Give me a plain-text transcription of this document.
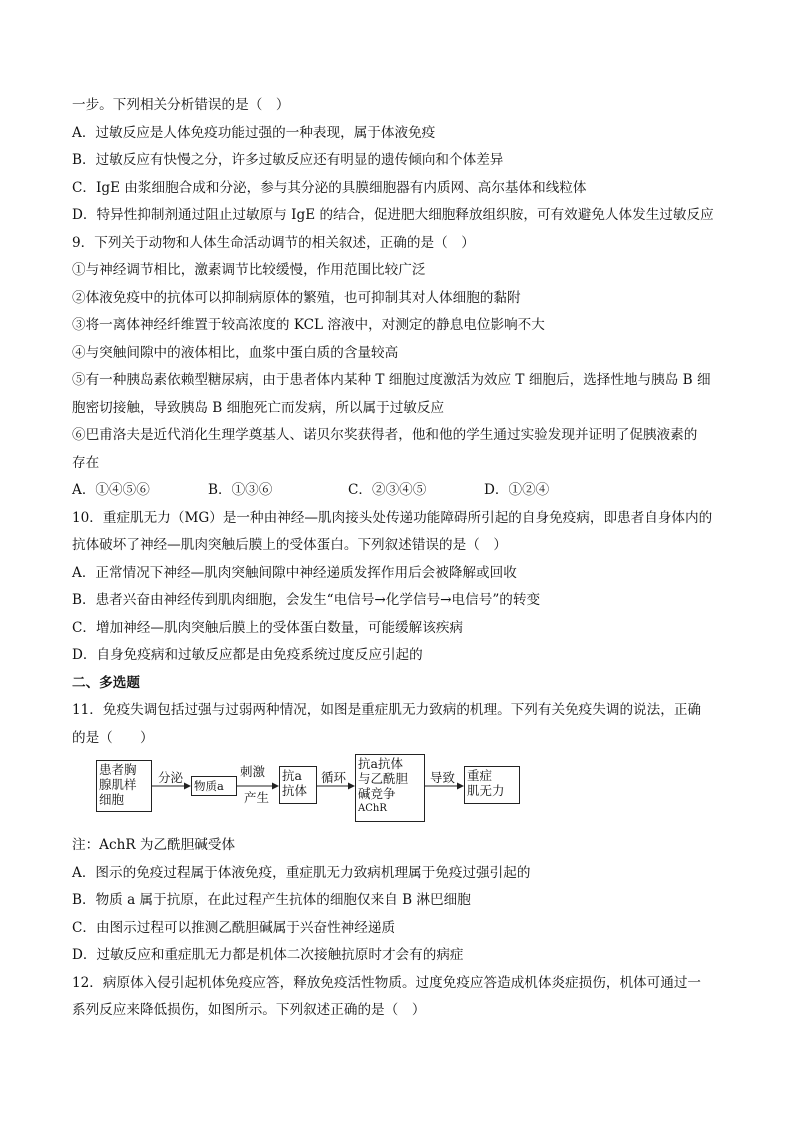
一步。下列相关分析错误的是（　）
A．过敏反应是人体免疫功能过强的一种表现，属于体液免疫
B．过敏反应有快慢之分，许多过敏反应还有明显的遗传倾向和个体差异
C．IgE 由浆细胞合成和分泌，参与其分泌的具膜细胞器有内质网、高尔基体和线粒体
D．特异性抑制剂通过阻止过敏原与 IgE 的结合，促进肥大细胞释放组织胺，可有效避免人体发生过敏反应
9．下列关于动物和人体生命活动调节的相关叙述，正确的是（　）
①与神经调节相比，激素调节比较缓慢，作用范围比较广泛
②体液免疫中的抗体可以抑制病原体的繁殖，也可抑制其对人体细胞的黏附
③将一离体神经纤维置于较高浓度的 KCL 溶液中，对测定的静息电位影响不大
④与突触间隙中的液体相比，血浆中蛋白质的含量较高
⑤有一种胰岛素依赖型糖尿病，由于患者体内某种 T 细胞过度激活为效应 T 细胞后，选择性地与胰岛 B 细
胞密切接触，导致胰岛 B 细胞死亡而发病，所以属于过敏反应
⑥巴甫洛夫是近代消化生理学奠基人、诺贝尔奖获得者，他和他的学生通过实验发现并证明了促胰液素的
存在
A．①④⑤⑥	B．①③⑥	C．②③④⑤	D．①②④
10．重症肌无力（MG）是一种由神经—肌肉接头处传递功能障碍所引起的自身免疫病，即患者自身体内的
抗体破坏了神经—肌肉突触后膜上的受体蛋白。下列叙述错误的是（　）
A．正常情况下神经—肌肉突触间隙中神经递质发挥作用后会被降解或回收
B．患者兴奋由神经传到肌肉细胞，会发生“电信号→化学信号→电信号”的转变
C．增加神经—肌肉突触后膜上的受体蛋白数量，可能缓解该疾病
D．自身免疫病和过敏反应都是由免疫系统过度反应引起的
二、多选题
11．免疫失调包括过强与过弱两种情况，如图是重症肌无力致病的机理。下列有关免疫失调的说法，正确
的是（　　）
患者胸
腺肌样
细胞
分泌
物质a
刺激
产生
抗a
抗体
循环
抗a抗体
与乙酰胆
碱竞争
AChR
导致 重症
肌无力
注：AchR 为乙酰胆碱受体
A．图示的免疫过程属于体液免疫，重症肌无力致病机理属于免疫过强引起的
B．物质 a 属于抗原，在此过程产生抗体的细胞仅来自 B 淋巴细胞
C．由图示过程可以推测乙酰胆碱属于兴奋性神经递质
D．过敏反应和重症肌无力都是机体二次接触抗原时才会有的病症
12．病原体入侵引起机体免疫应答，释放免疫活性物质。过度免疫应答造成机体炎症损伤，机体可通过一
系列反应来降低损伤，如图所示。下列叙述正确的是（　）
